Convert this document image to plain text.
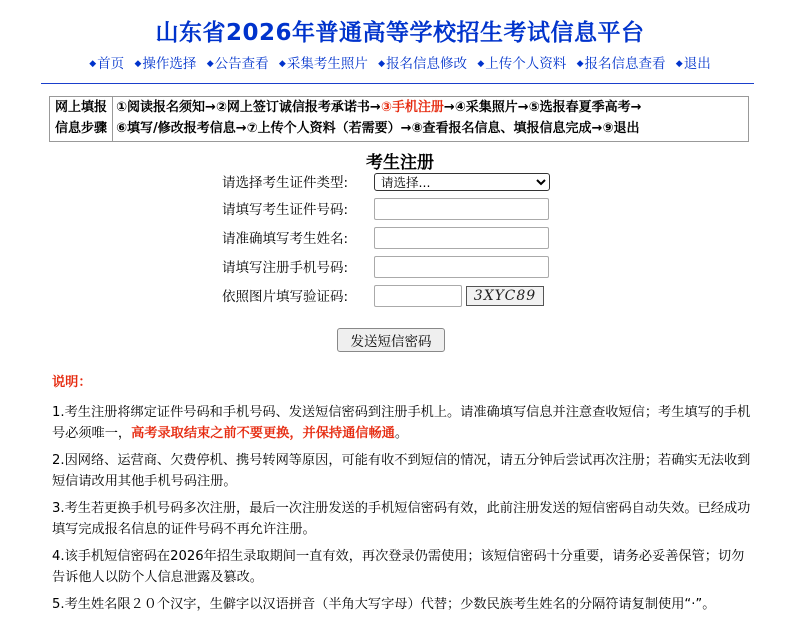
山东省2026年普通高等学校招生考试信息平台
◆首页 ◆操作选择 ◆公告查看 ◆采集考生照片 ◆报名信息修改 ◆上传个人资料 ◆报名信息查看 ◆退出
网上填报
信息步骤
①阅读报名须知→②网上签订诚信报考承诺书→③手机注册→④采集照片→⑤选报春夏季高考→
⑥填写/修改报考信息→⑦上传个人资料（若需要）→⑧查看报名信息、填报信息完成→⑨退出
考生注册
请选择考生证件类型:
请选择...
请填写考生证件号码:
请准确填写考生姓名:
请填写注册手机号码:
依照图片填写验证码:	3XYC89
发送短信密码
说明：

1.考生注册将绑定证件号码和手机号码、发送短信密码到注册手机上。请准确填写信息并注意查收短信；考生填写的手机号必须唯一，高考录取结束之前不要更换，并保持通信畅通。

2.因网络、运营商、欠费停机、携号转网等原因，可能有收不到短信的情况，请五分钟后尝试再次注册；若确实无法收到短信请改用其他手机号码注册。

3.考生若更换手机号码多次注册，最后一次注册发送的手机短信密码有效，此前注册发送的短信密码自动失效。已经成功填写完成报名信息的证件号码不再允许注册。

4.该手机短信密码在2026年招生录取期间一直有效，再次登录仍需使用；该短信密码十分重要，请务必妥善保管；切勿告诉他人以防个人信息泄露及篡改。

5.考生姓名限２０个汉字，生僻字以汉语拼音（半角大写字母）代替；少数民族考生姓名的分隔符请复制使用“·”。
